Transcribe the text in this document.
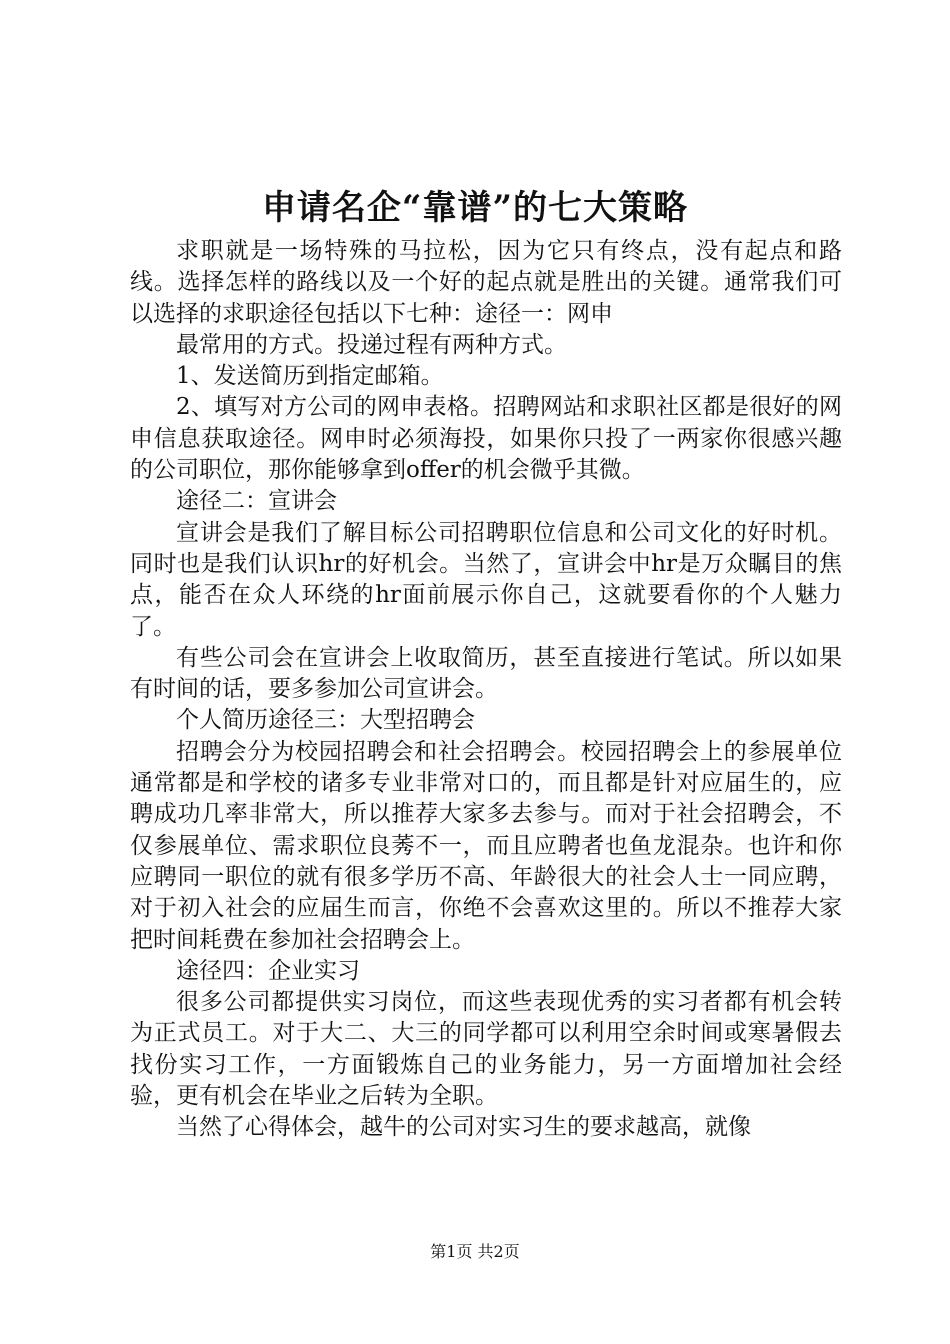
申请名企“靠谱”的七大策略

求职就是一场特殊的马拉松，因为它只有终点，没有起点和路线。选择怎样的路线以及一个好的起点就是胜出的关键。通常我们可以选择的求职途径包括以下七种：途径一：网申

最常用的方式。投递过程有两种方式。

1、发送简历到指定邮箱。

2、填写对方公司的网申表格。招聘网站和求职社区都是很好的网申信息获取途径。网申时必须海投，如果你只投了一两家你很感兴趣的公司职位，那你能够拿到offer的机会微乎其微。

途径二：宣讲会

宣讲会是我们了解目标公司招聘职位信息和公司文化的好时机。同时也是我们认识hr的好机会。当然了，宣讲会中hr是万众瞩目的焦点，能否在众人环绕的hr面前展示你自己，这就要看你的个人魅力了。

有些公司会在宣讲会上收取简历，甚至直接进行笔试。所以如果有时间的话，要多参加公司宣讲会。

个人简历途径三：大型招聘会

招聘会分为校园招聘会和社会招聘会。校园招聘会上的参展单位通常都是和学校的诸多专业非常对口的，而且都是针对应届生的，应聘成功几率非常大，所以推荐大家多去参与。而对于社会招聘会，不仅参展单位、需求职位良莠不一，而且应聘者也鱼龙混杂。也许和你应聘同一职位的就有很多学历不高、年龄很大的社会人士一同应聘，对于初入社会的应届生而言，你绝不会喜欢这里的。所以不推荐大家把时间耗费在参加社会招聘会上。

途径四：企业实习

很多公司都提供实习岗位，而这些表现优秀的实习者都有机会转为正式员工。对于大二、大三的同学都可以利用空余时间或寒暑假去找份实习工作，一方面锻炼自己的业务能力，另一方面增加社会经验，更有机会在毕业之后转为全职。

当然了心得体会，越牛的公司对实习生的要求越高，就像

第1页 共2页
